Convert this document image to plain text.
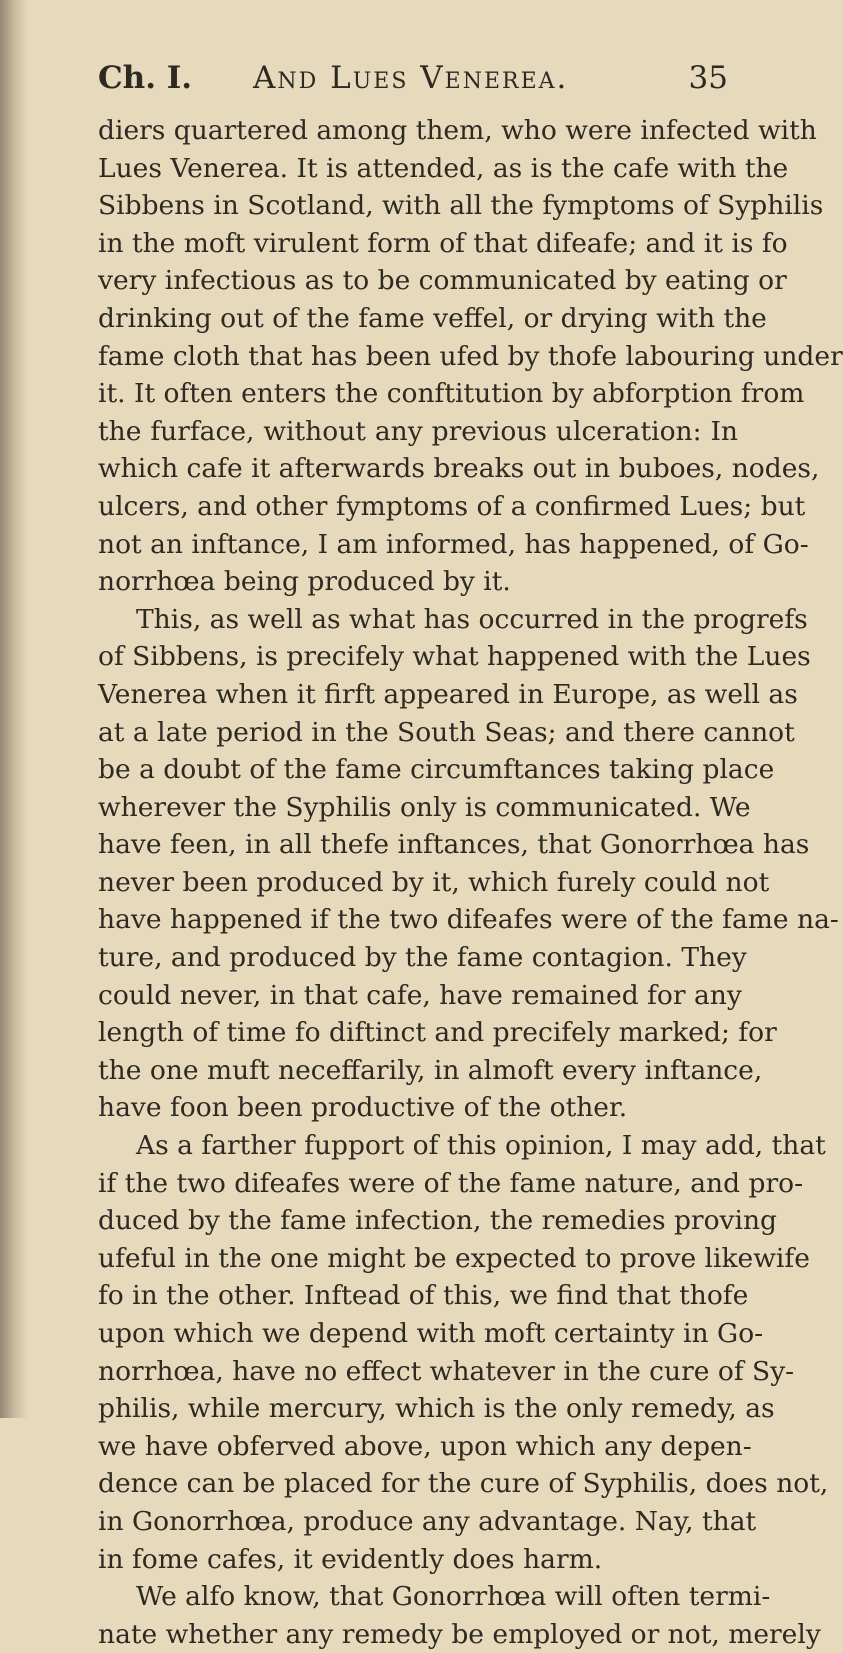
Ch. I. And Lues Venerea.	35
diers quartered among them, who were infected with
Lues Venerea. It is attended, as is the cafe with the
Sibbens in Scotland, with all the fymptoms of Syphilis
in the moft virulent form of that difeafe; and it is fo
very infectious as to be communicated by eating or
drinking out of the fame veffel, or drying with the
fame cloth that has been ufed by thofe labouring under
it. It often enters the conftitution by abforption from
the furface, without any previous ulceration: In
which cafe it afterwards breaks out in buboes, nodes,
ulcers, and other fymptoms of a confirmed Lues; but
not an inftance, I am informed, has happened, of Go-
norrhœa being produced by it.
This, as well as what has occurred in the progrefs
of Sibbens, is precifely what happened with the Lues
Venerea when it firft appeared in Europe, as well as
at a late period in the South Seas; and there cannot
be a doubt of the fame circumftances taking place
wherever the Syphilis only is communicated. We
have feen, in all thefe inftances, that Gonorrhœa has
never been produced by it, which furely could not
have happened if the two difeafes were of the fame na-
ture, and produced by the fame contagion. They
could never, in that cafe, have remained for any
length of time fo diftinct and precifely marked; for
the one muft neceffarily, in almoft every inftance,
have foon been productive of the other.
As a farther fupport of this opinion, I may add, that
if the two difeafes were of the fame nature, and pro-
duced by the fame infection, the remedies proving
ufeful in the one might be expected to prove likewife
fo in the other. Inftead of this, we find that thofe
upon which we depend with moft certainty in Go-
norrhœa, have no effect whatever in the cure of Sy-
philis, while mercury, which is the only remedy, as
we have obferved above, upon which any depen-
dence can be placed for the cure of Syphilis, does not,
in Gonorrhœa, produce any advantage. Nay, that
in fome cafes, it evidently does harm.
We alfo know, that Gonorrhœa will often termi-
nate whether any remedy be employed or not, merely
